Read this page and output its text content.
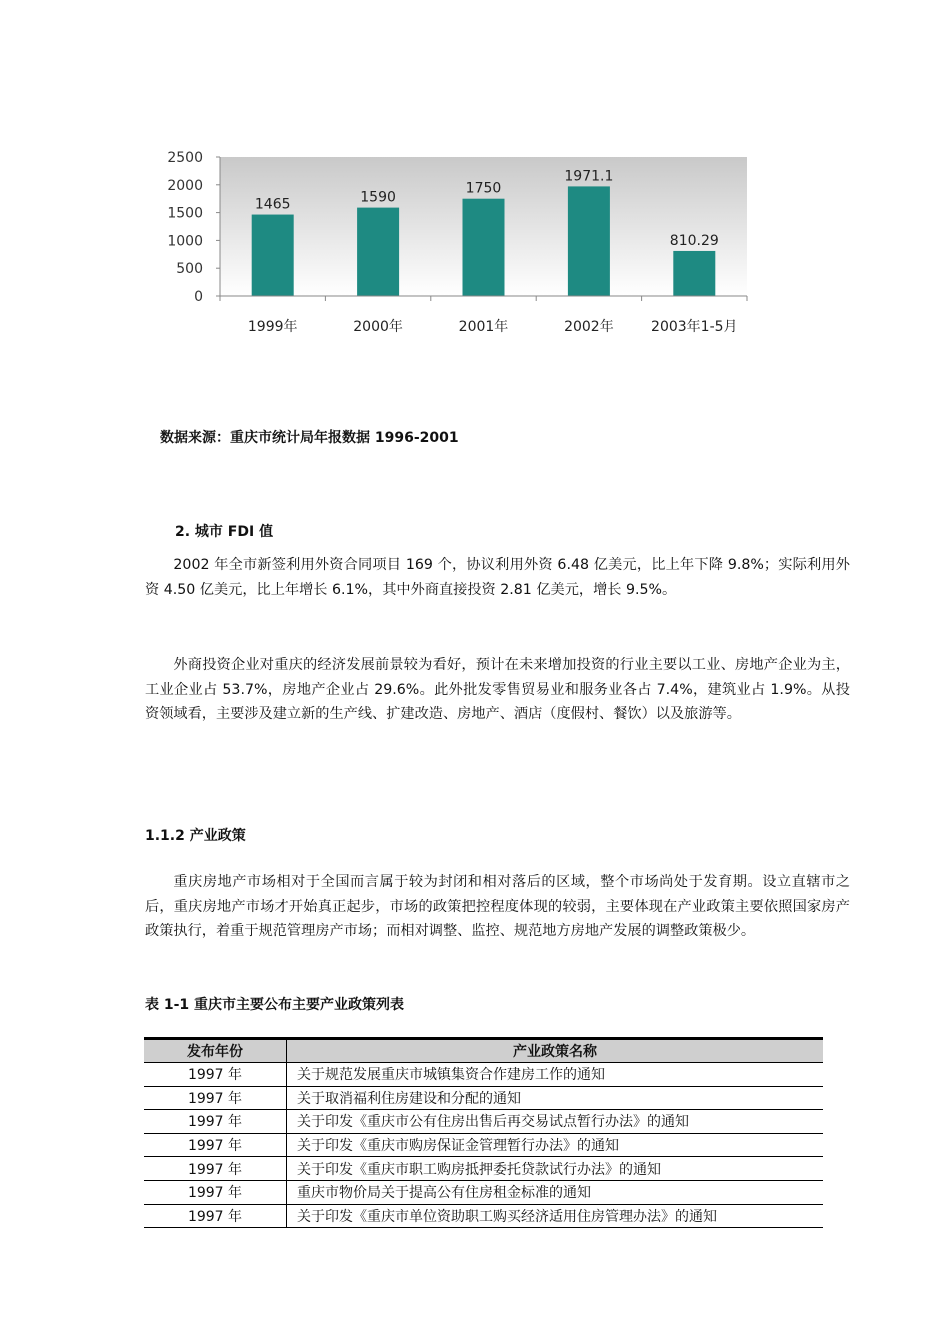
0
500
1000
1500
2000
2500
1465	1590
1750
1971.1
810.29
1999年	2000年	2001年	2002年	2003年1-5月
数据来源：重庆市统计局年报数据 1996-2001
2. 城市 FDI 值

2002 年全市新签利用外资合同项目 169 个，协议利用外资 6.48 亿美元，比上年下降 9.8%；实际利用外资 4.50 亿美元，比上年增长 6.1%，其中外商直接投资 2.81 亿美元，增长 9.5%。

外商投资企业对重庆的经济发展前景较为看好，预计在未来增加投资的行业主要以工业、房地产企业为主，工业企业占 53.7%，房地产企业占 29.6%。此外批发零售贸易业和服务业各占 7.4%，建筑业占 1.9%。从投资领域看，主要涉及建立新的生产线、扩建改造、房地产、酒店（度假村、餐饮）以及旅游等。

1.1.2 产业政策

重庆房地产市场相对于全国而言属于较为封闭和相对落后的区域，整个市场尚处于发育期。设立直辖市之后，重庆房地产市场才开始真正起步，市场的政策把控程度体现的较弱，主要体现在产业政策主要依照国家房产政策执行，着重于规范管理房产市场；而相对调整、监控、规范地方房地产发展的调整政策极少。

表 1-1 重庆市主要公布主要产业政策列表
发布年份	产业政策名称
1997 年	关于规范发展重庆市城镇集资合作建房工作的通知
1997 年	关于取消福利住房建设和分配的通知
1997 年	关于印发《重庆市公有住房出售后再交易试点暂行办法》的通知
1997 年	关于印发《重庆市购房保证金管理暂行办法》的通知
1997 年	关于印发《重庆市职工购房抵押委托贷款试行办法》的通知
1997 年	重庆市物价局关于提高公有住房租金标准的通知
1997 年	关于印发《重庆市单位资助职工购买经济适用住房管理办法》的通知
